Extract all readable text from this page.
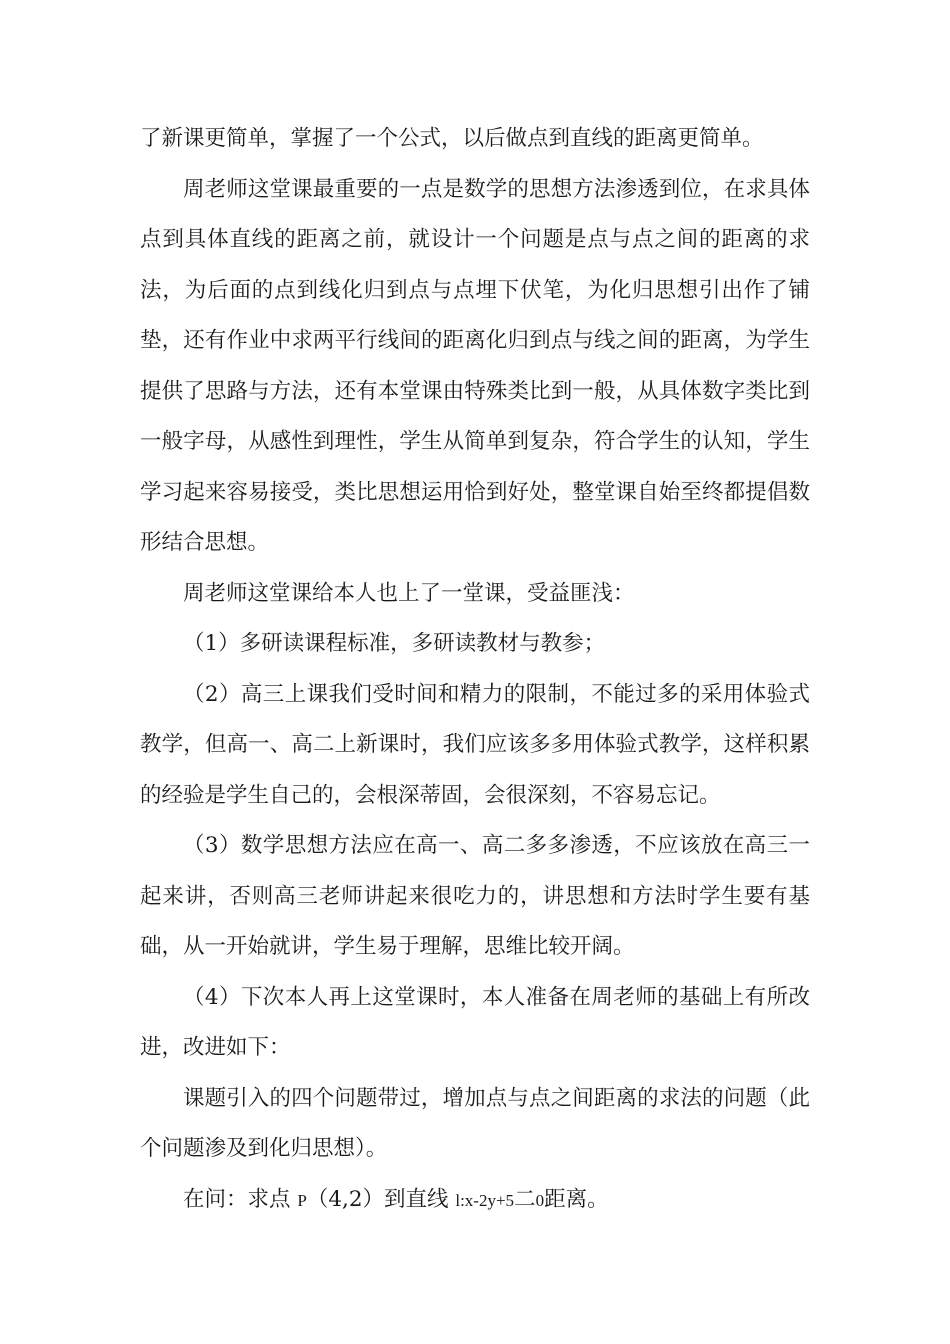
了新课更简单，掌握了一个公式，以后做点到直线的距离更简单。

周老师这堂课最重要的一点是数学的思想方法渗透到位，在求具体点到具体直线的距离之前，就设计一个问题是点与点之间的距离的求法，为后面的点到线化归到点与点埋下伏笔，为化归思想引出作了铺垫，还有作业中求两平行线间的距离化归到点与线之间的距离，为学生提供了思路与方法，还有本堂课由特殊类比到一般，从具体数字类比到一般字母，从感性到理性，学生从简单到复杂，符合学生的认知，学生学习起来容易接受，类比思想运用恰到好处，整堂课自始至终都提倡数形结合思想。

周老师这堂课给本人也上了一堂课，受益匪浅：

（1）多研读课程标准，多研读教材与教参；

（2）高三上课我们受时间和精力的限制，不能过多的采用体验式教学，但高一、高二上新课时，我们应该多多用体验式教学，这样积累的经验是学生自己的，会根深蒂固，会很深刻，不容易忘记。

（3）数学思想方法应在高一、高二多多渗透，不应该放在高三一起来讲，否则高三老师讲起来很吃力的，讲思想和方法时学生要有基础，从一开始就讲，学生易于理解，思维比较开阔。

（4）下次本人再上这堂课时，本人准备在周老师的基础上有所改进，改进如下：

课题引入的四个问题带过，增加点与点之间距离的求法的问题（此个问题渗及到化归思想）。

在问：求点 P（4,2）到直线 l:x-2y+5二0距离。
